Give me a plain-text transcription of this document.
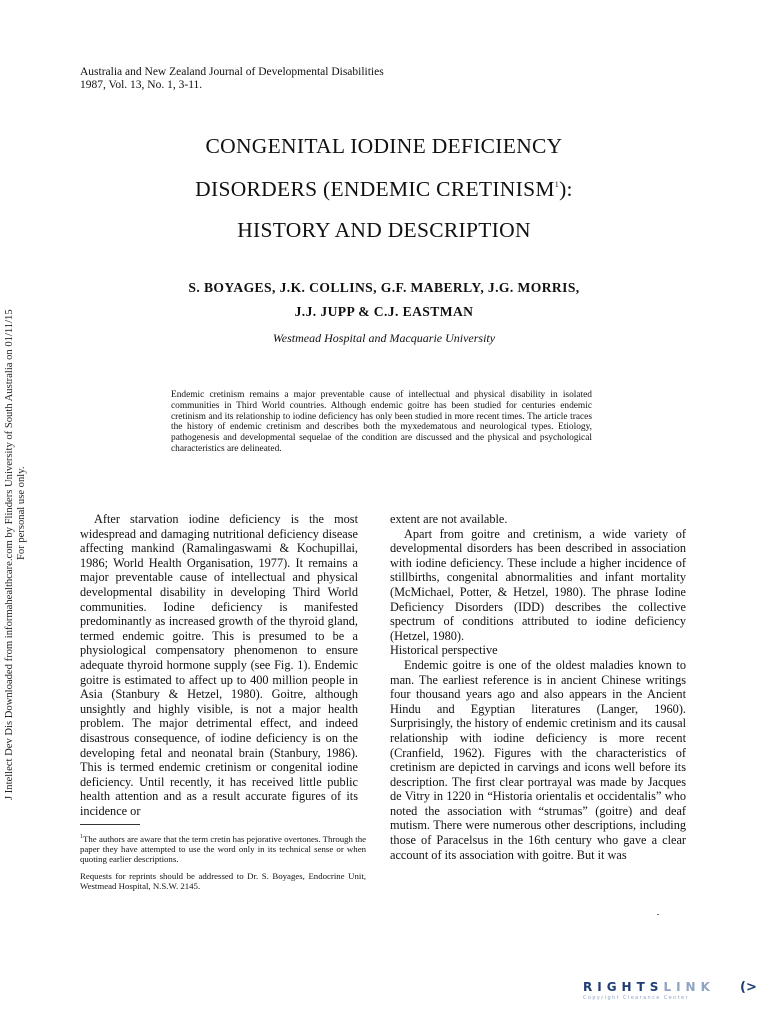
Australia and New Zealand Journal of Developmental Disabilities
1987, Vol. 13, No. 1, 3-11.
CONGENITAL IODINE DEFICIENCY
DISORDERS (ENDEMIC CRETINISM$^1$):
HISTORY AND DESCRIPTION
S. BOYAGES, J.K. COLLINS, G.F. MABERLY, J.G. MORRIS,
J.J. JUPP & C.J. EASTMAN
Westmead Hospital and Macquarie University

Endemic cretinism remains a major preventable cause of intellectual and physical disability in isolated communities in Third World countries. Although endemic goitre has been studied for centuries endemic cretinism and its relationship to iodine deficiency has only been studied in more recent times. The article traces the history of endemic cretinism and describes both the myxedematous and neurological types. Etiology, pathogenesis and developmental sequelae of the condition are discussed and the physical and psychological characteristics are delineated.

After starvation iodine deficiency is the most widespread and damaging nutritional deficiency disease affecting mankind (Ramalingaswami & Kochupillai, 1986; World Health Organisation, 1977). It remains a major preventable cause of intellectual and physical developmental disability in developing Third World communities. Iodine deficiency is manifested predominantly as increased growth of the thyroid gland, termed endemic goitre. This is presumed to be a physiological compensatory phenomenon to ensure adequate thyroid hormone supply (see Fig. 1). Endemic goitre is estimated to affect up to 400 million people in Asia (Stanbury & Hetzel, 1980). Goitre, although unsightly and highly visible, is not a major health problem. The major detrimental effect, and indeed disastrous consequence, of iodine deficiency is on the developing fetal and neonatal brain (Stanbury, 1986). This is termed endemic cretinism or congenital iodine deficiency. Until recently, it has received little public health attention and as a result accurate figures of its incidence or

extent are not available.

Apart from goitre and cretinism, a wide variety of developmental disorders has been described in association with iodine deficiency. These include a higher incidence of stillbirths, congenital abnormalities and infant mortality (McMichael, Potter, & Hetzel, 1980). The phrase Iodine Deficiency Disorders (IDD) describes the collective spectrum of conditions attributed to iodine deficiency (Hetzel, 1980).

Historical perspective

Endemic goitre is one of the oldest maladies known to man. The earliest reference is in ancient Chinese writings four thousand years ago and also appears in the Ancient Hindu and Egyptian literatures (Langer, 1960). Surprisingly, the history of endemic cretinism and its causal relationship with iodine deficiency is more recent (Cranfield, 1962). Figures with the characteristics of cretinism are depicted in carvings and icons well before its description. The first clear portrayal was made by Jacques de Vitry in 1220 in “Historia orientalis et occidentalis” who noted the association with “strumas” (goitre) and deaf mutism. There were numerous other descriptions, including those of Paracelsus in the 16th century who gave a clear account of its association with goitre. But it was

$^1$The authors are aware that the term cretin has pejorative overtones. Through the paper they have attempted to use the word only in its technical sense or when quoting earlier descriptions.

Requests for reprints should be addressed to Dr. S. Boyages, Endocrine Unit, Westmead Hospital, N.S.W. 2145.

J Intellect Dev Dis Downloaded from informahealthcare.com by Flinders University of South Australia on 01/11/15 For personal use only.
RIGHTSLINK
Copyright Clearance Center
(>
